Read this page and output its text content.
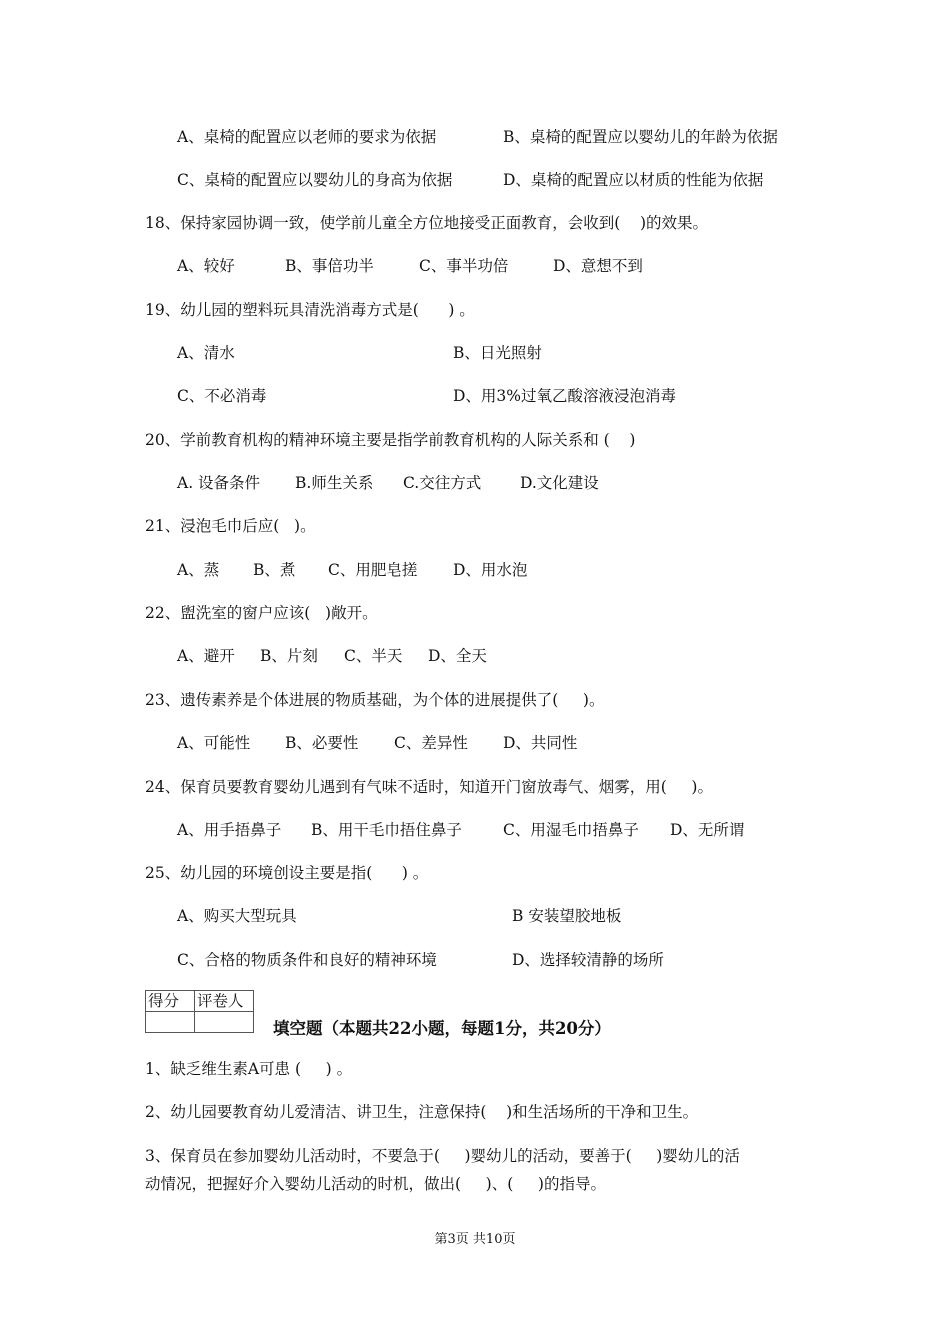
A、桌椅的配置应以老师的要求为依据	B、桌椅的配置应以婴幼儿的年龄为依据
C、桌椅的配置应以婴幼儿的身高为依据	D、桌椅的配置应以材质的性能为依据
18、保持家园协调一致，使学前儿童全方位地接受正面教育，会收到(    )的效果。
A、较好	B、事倍功半	C、事半功倍	D、意想不到
19、幼儿园的塑料玩具清洗消毒方式是(      ) 。
A、清水	B、日光照射
C、不必消毒	D、用3%过氧乙酸溶液浸泡消毒
20、学前教育机构的精神环境主要是指学前教育机构的人际关系和 (    )
A. 设备条件 B.师生关系 C.交往方式	D.文化建设
21、浸泡毛巾后应(   )。
A、蒸 B、煮 C、用肥皂搓 D、用水泡
22、盥洗室的窗户应该(   )敞开。
A、避开 B、片刻 C、半天 D、全天
23、遗传素养是个体进展的物质基础，为个体的进展提供了(     )。
A、可能性 B、必要性 C、差异性 D、共同性
24、保育员要教育婴幼儿遇到有气味不适时，知道开门窗放毒气、烟雾，用(     )。
A、用手捂鼻子 B、用干毛巾捂住鼻子	C、用湿毛巾捂鼻子 D、无所谓
25、幼儿园的环境创设主要是指(      ) 。
A、购买大型玩具	B 安装望胶地板
C、合格的物质条件和良好的精神环境	D、选择较清静的场所
得分	评卷人

填空题（本题共22小题，每题1分，共20分）
1、缺乏维生素A可患 (     ) 。
2、幼儿园要教育幼儿爱清洁、讲卫生，注意保持(    )和生活场所的干净和卫生。
3、保育员在参加婴幼儿活动时，不要急于(     )婴幼儿的活动，要善于(     )婴幼儿的活
动情况，把握好介入婴幼儿活动的时机，做出(     )、(     )的指导。
第3页 共10页
